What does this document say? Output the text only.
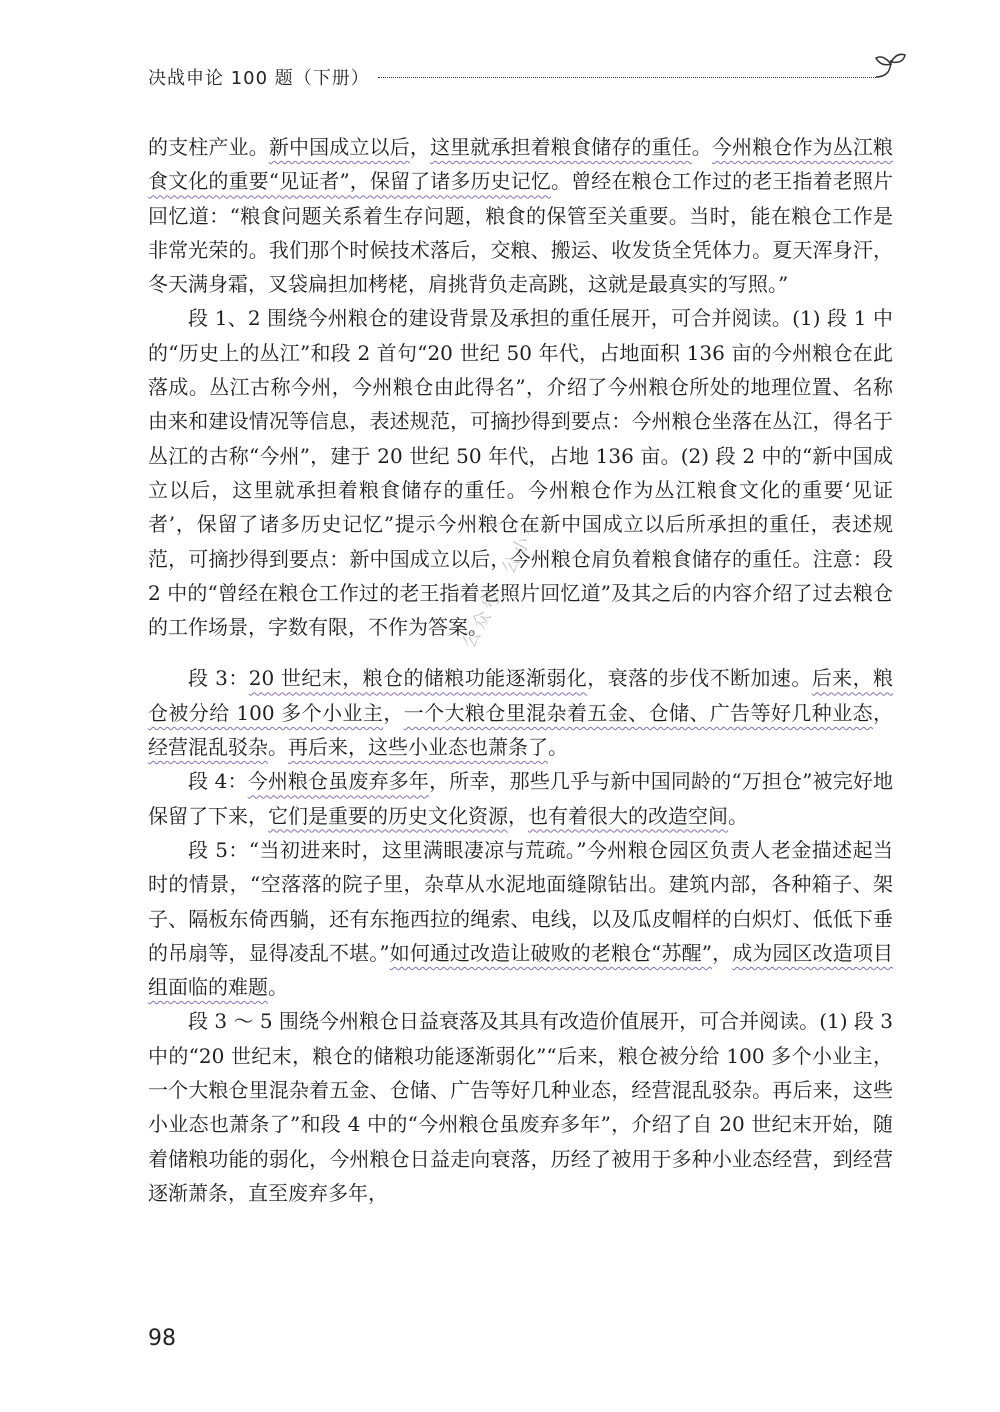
决战申论 100 题（下册）
公众号：公小小

的支柱产业。新中国成立以后，这里就承担着粮食储存的重任。今州粮仓作为丛江粮食文化的重要“见证者”，保留了诸多历史记忆。曾经在粮仓工作过的老王指着老照片回忆道：“粮食问题关系着生存问题，粮食的保管至关重要。当时，能在粮仓工作是非常光荣的。我们那个时候技术落后，交粮、搬运、收发货全凭体力。夏天浑身汗，冬天满身霜，叉袋扁担加栲栳，肩挑背负走高跳，这就是最真实的写照。”

段 1、2 围绕今州粮仓的建设背景及承担的重任展开，可合并阅读。(1) 段 1 中的“历史上的丛江”和段 2 首句“20 世纪 50 年代，占地面积 136 亩的今州粮仓在此落成。丛江古称今州，今州粮仓由此得名”，介绍了今州粮仓所处的地理位置、名称由来和建设情况等信息，表述规范，可摘抄得到要点：今州粮仓坐落在丛江，得名于丛江的古称“今州”，建于 20 世纪 50 年代，占地 136 亩。(2) 段 2 中的“新中国成立以后，这里就承担着粮食储存的重任。今州粮仓作为丛江粮食文化的重要‘见证者’，保留了诸多历史记忆”提示今州粮仓在新中国成立以后所承担的重任，表述规范，可摘抄得到要点：新中国成立以后，今州粮仓肩负着粮食储存的重任。注意：段 2 中的“曾经在粮仓工作过的老王指着老照片回忆道”及其之后的内容介绍了过去粮仓的工作场景，字数有限，不作为答案。

段 3：20 世纪末，粮仓的储粮功能逐渐弱化，衰落的步伐不断加速。后来，粮仓被分给 100 多个小业主，一个大粮仓里混杂着五金、仓储、广告等好几种业态，经营混乱驳杂。再后来，这些小业态也萧条了。

段 4：今州粮仓虽废弃多年，所幸，那些几乎与新中国同龄的“万担仓”被完好地保留了下来，它们是重要的历史文化资源，也有着很大的改造空间。

段 5：“当初进来时，这里满眼凄凉与荒疏。”今州粮仓园区负责人老金描述起当时的情景，“空落落的院子里，杂草从水泥地面缝隙钻出。建筑内部，各种箱子、架子、隔板东倚西躺，还有东拖西拉的绳索、电线，以及瓜皮帽样的白炽灯、低低下垂的吊扇等，显得凌乱不堪。”如何通过改造让破败的老粮仓“苏醒”，成为园区改造项目组面临的难题。

段 3 ～ 5 围绕今州粮仓日益衰落及其具有改造价值展开，可合并阅读。(1) 段 3 中的“20 世纪末，粮仓的储粮功能逐渐弱化”“后来，粮仓被分给 100 多个小业主，一个大粮仓里混杂着五金、仓储、广告等好几种业态，经营混乱驳杂。再后来，这些小业态也萧条了”和段 4 中的“今州粮仓虽废弃多年”，介绍了自 20 世纪末开始，随着储粮功能的弱化，今州粮仓日益走向衰落，历经了被用于多种小业态经营，到经营逐渐萧条，直至废弃多年，

98
